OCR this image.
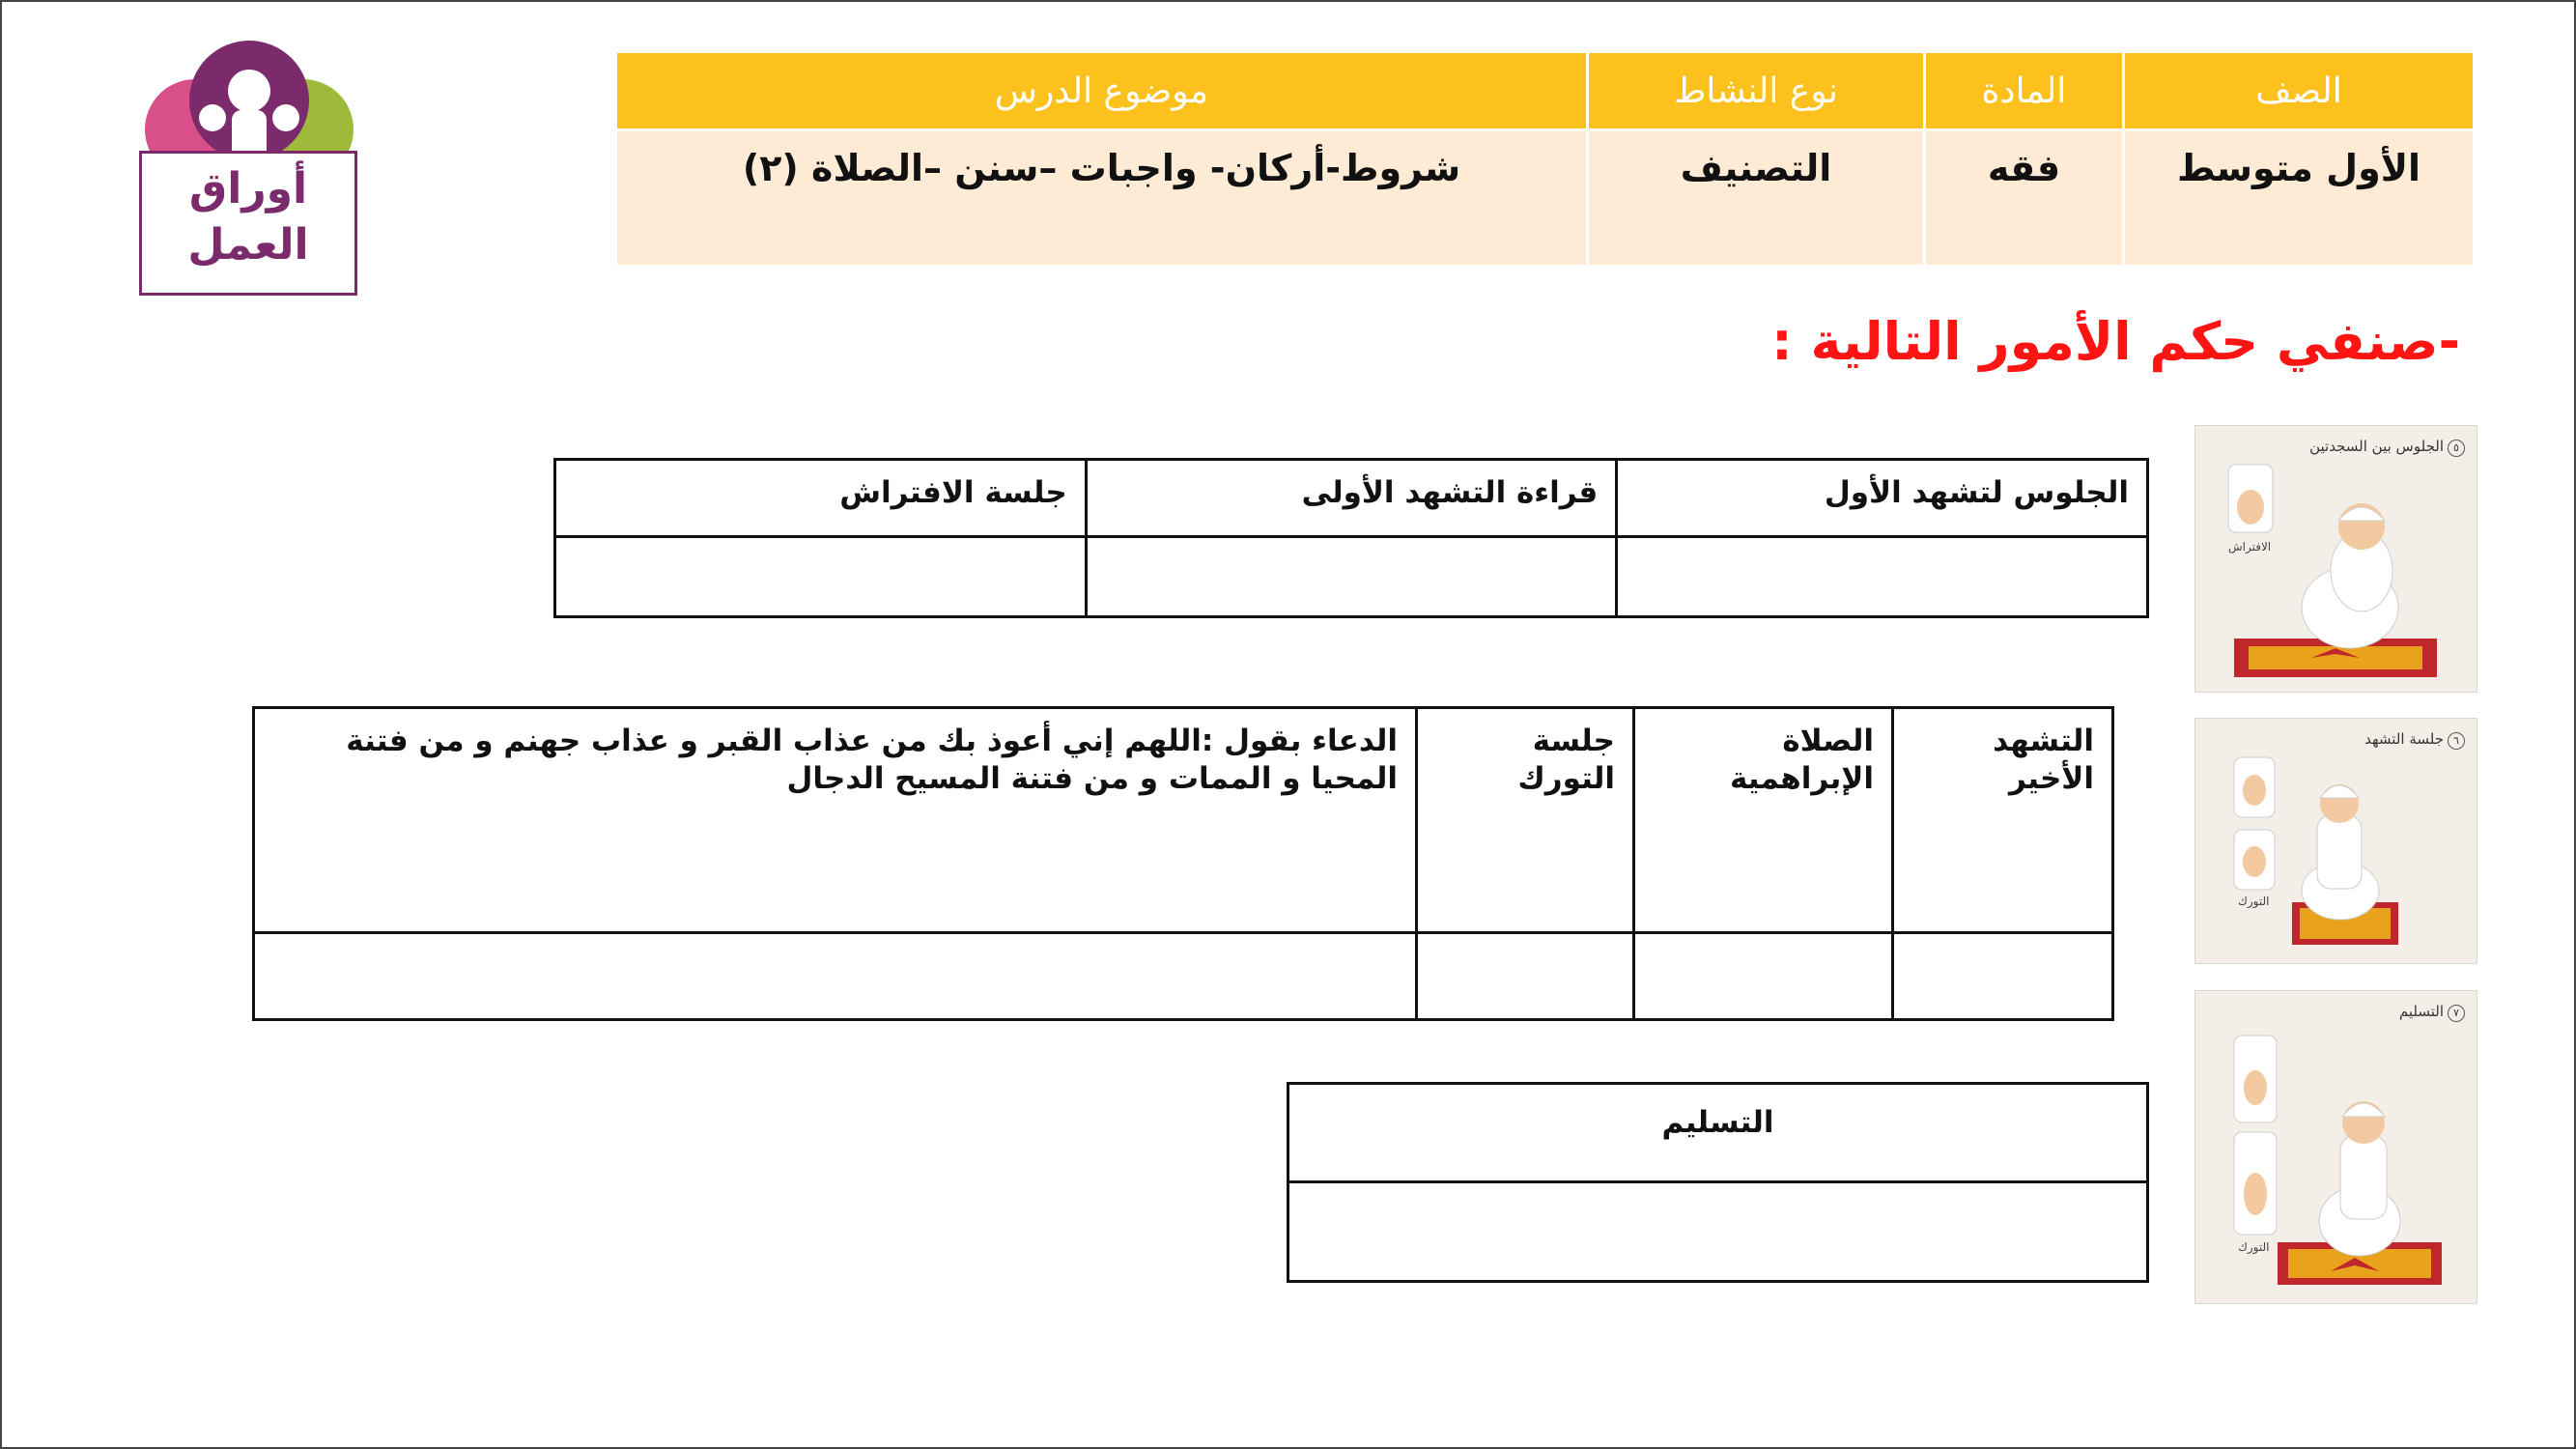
أوراق
العمل
الصف	المادة	نوع النشاط	موضوع الدرس
الأول متوسط	فقه	التصنيف	شروط-أركان- واجبات –سنن –الصلاة (٢)
-صنفي حكم الأمور التالية :
الجلوس لتشهد الأول	قراءة التشهد الأولى	جلسة الافتراش

التشهد الأخير	الصلاة الإبراهمية	جلسة التورك	الدعاء بقول :اللهم إني أعوذ بك من عذاب القبر و عذاب جهنم و من فتنة المحيا و الممات و من فتنة المسيح الدجال

التسليم

٥الجلوس بين السجدتين
الافتراش
٦جلسة التشهد
التورك
٧التسليم
التورك
